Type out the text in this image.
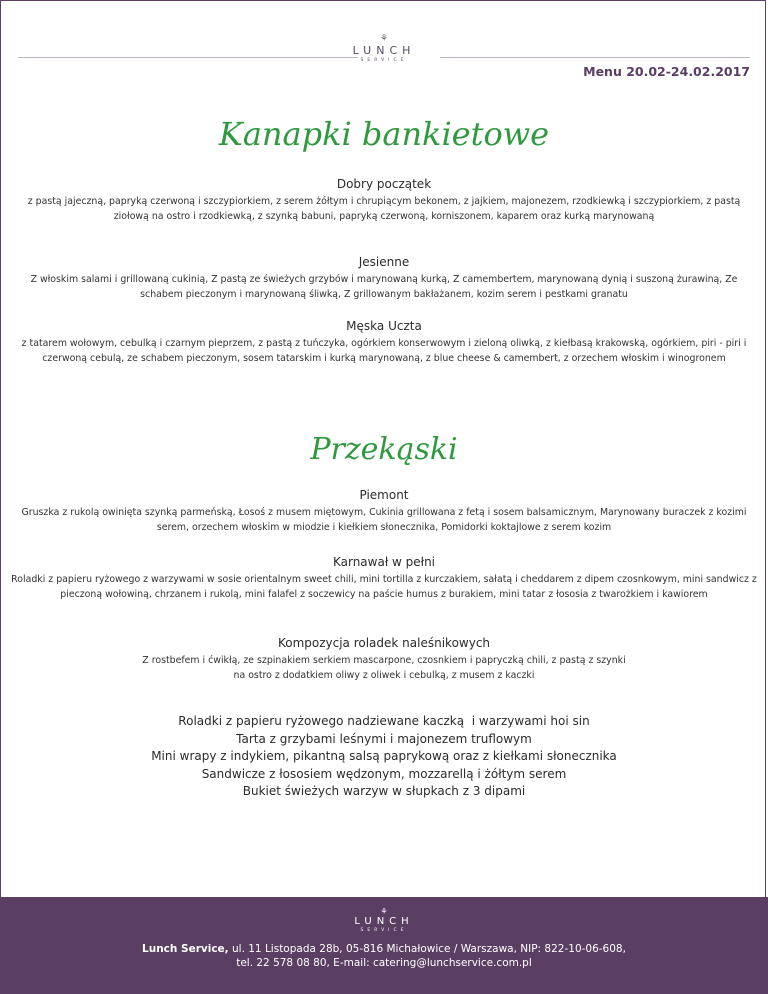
⚘
LUNCH
SERVICE
Menu 20.02-24.02.2017
Kanapki bankietowe
Dobry początek
z pastą jajeczną, papryką czerwoną i szczypiorkiem, z serem żółtym i chrupiącym bekonem, z jajkiem, majonezem, rzodkiewką i szczypiorkiem, z pastą ziołową na ostro i rzodkiewką, z szynką babuni, papryką czerwoną, korniszonem, kaparem oraz kurką marynowaną
Jesienne
Z włoskim salami i grillowaną cukinią, Z pastą ze świeżych grzybów i marynowaną kurką, Z camembertem, marynowaną dynią i suszoną żurawiną, Ze schabem pieczonym i marynowaną śliwką, Z grillowanym bakłażanem, kozim serem i pestkami granatu
Męska Uczta
z tatarem wołowym, cebulką i czarnym pieprzem, z pastą z tuńczyka, ogórkiem konserwowym i zieloną oliwką, z kiełbasą krakowską, ogórkiem, piri - piri i czerwoną cebulą, ze schabem pieczonym, sosem tatarskim i kurką marynowaną, z blue cheese & camembert, z orzechem włoskim i winogronem
Przekąski
Piemont
Gruszka z rukolą owinięta szynką parmeńską, Łosoś z musem miętowym, Cukinia grillowana z fetą i sosem balsamicznym, Marynowany buraczek z kozimi serem, orzechem włoskim w miodzie i kiełkiem słonecznika, Pomidorki koktajlowe z serem kozim
Karnawał w pełni
Roladki z papieru ryżowego z warzywami w sosie orientalnym sweet chili, mini tortilla z kurczakiem, sałatą i cheddarem z dipem czosnkowym, mini sandwicz z pieczoną wołowiną, chrzanem i rukolą, mini falafel z soczewicy na paście humus z burakiem, mini tatar z łososia z twarożkiem i kawiorem
Kompozycja roladek naleśnikowych
Z rostbefem i ćwikłą, ze szpinakiem serkiem mascarpone, czosnkiem i papryczką chili, z pastą z szynki na ostro z dodatkiem oliwy z oliwek i cebulką, z musem z kaczki
Roladki z papieru ryżowego nadziewane kaczką  i warzywami hoi sin
Tarta z grzybami leśnymi i majonezem truflowym
Mini wrapy z indykiem, pikantną salsą paprykową oraz z kiełkami słonecznika
Sandwicze z łososiem wędzonym, mozzarellą i żółtym serem
Bukiet świeżych warzyw w słupkach z 3 dipami
⚘
LUNCH
SERVICE
Lunch Service, ul. 11 Listopada 28b, 05-816 Michałowice / Warszawa, NIP: 822-10-06-608,
tel. 22 578 08 80, E-mail: catering@lunchservice.com.pl
